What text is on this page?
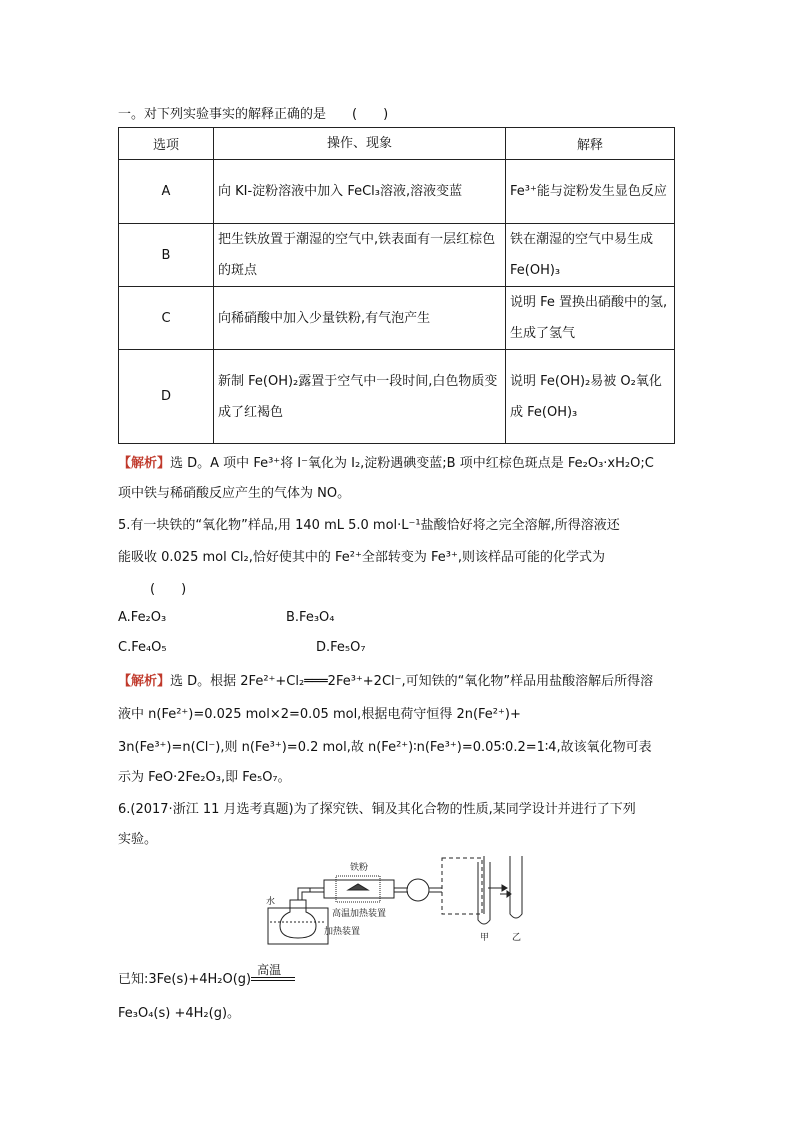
一。对下列实验事实的解释正确的是　　(　　)
选项	操作、现象	解释
A	向 KI-淀粉溶液中加入 FeCl₃溶液,溶液变蓝	Fe³⁺能与淀粉发生显色反应
B	把生铁放置于潮湿的空气中,铁表面有一层红棕色的斑点	铁在潮湿的空气中易生成 Fe(OH)₃
C	向稀硝酸中加入少量铁粉,有气泡产生	说明 Fe 置换出硝酸中的氢,生成了氢气
D	新制 Fe(OH)₂露置于空气中一段时间,白色物质变成了红褐色	说明 Fe(OH)₂易被 O₂氧化成 Fe(OH)₃
【解析】选 D。A 项中 Fe³⁺将 I⁻氧化为 I₂,淀粉遇碘变蓝;B 项中红棕色斑点是 Fe₂O₃·xH₂O;C
项中铁与稀硝酸反应产生的气体为 NO。
5.有一块铁的“氧化物”样品,用 140 mL 5.0 mol·L⁻¹盐酸恰好将之完全溶解,所得溶液还
能吸收 0.025 mol Cl₂,恰好使其中的 Fe²⁺全部转变为 Fe³⁺,则该样品可能的化学式为
(　　)
A.Fe₂O₃	B.Fe₃O₄
C.Fe₄O₅	D.Fe₅O₇
【解析】选 D。根据 2Fe²⁺+Cl₂═══2Fe³⁺+2Cl⁻,可知铁的“氧化物”样品用盐酸溶解后所得溶
液中 n(Fe²⁺)=0.025 mol×2=0.05 mol,根据电荷守恒得 2n(Fe²⁺)+
3n(Fe³⁺)=n(Cl⁻),则 n(Fe³⁺)=0.2 mol,故 n(Fe²⁺)∶n(Fe³⁺)=0.05∶0.2=1∶4,故该氧化物可表
示为 FeO·2Fe₂O₃,即 Fe₅O₇。
6.(2017·浙江 11 月选考真题)为了探究铁、铜及其化合物的性质,某同学设计并进行了下列
实验。
铁粉
高温加热装置
水
加热装置
甲	乙
已知:3Fe(s)+4H₂O(g)
高温
Fe₃O₄(s) +4H₂(g)。
